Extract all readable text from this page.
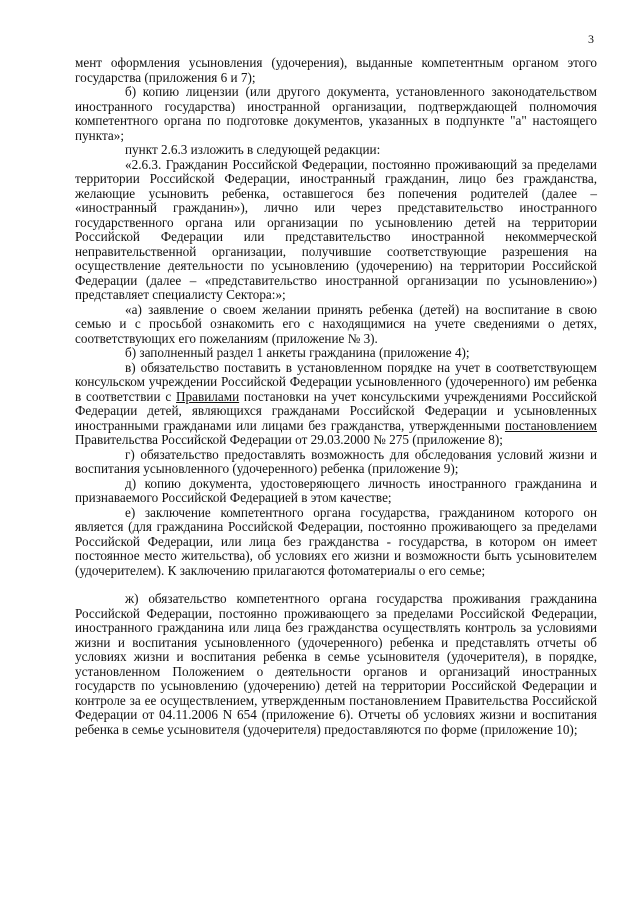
3

мент оформления усыновления (удочерения), выданные компетентным органом этого государства (приложения 6 и 7);

б) копию лицензии (или другого документа, установленного законодательством иностранного государства) иностранной организации, подтверждающей полномочия компетентного органа по подготовке документов, указанных в подпункте "а" настоящего пункта»;

пункт 2.6.3 изложить в следующей редакции:

«2.6.3. Гражданин Российской Федерации, постоянно проживающий за пределами территории Российской Федерации, иностранный гражданин, лицо без гражданства, желающие усыновить ребенка, оставшегося без попечения родителей (далее – «иностранный гражданин»), лично или через представительство иностранного государственного органа или организации по усыновлению детей на территории Российской Федерации или представительство иностранной некоммерческой неправительственной организации, получившие соответствующие разрешения на осуществление деятельности по усыновлению (удочерению) на территории Российской Федерации (далее – «представительство иностранной организации по усыновлению») представляет специалисту Сектора:»;

«а) заявление о своем желании принять ребенка (детей) на воспитание в свою семью и с просьбой ознакомить его с находящимися на учете сведениями о детях, соответствующих его пожеланиям (приложение № 3).

б) заполненный раздел 1 анкеты гражданина (приложение 4);

в) обязательство поставить в установленном порядке на учет в соответствующем консульском учреждении Российской Федерации усыновленного (удочеренного) им ребенка в соответствии с Правилами постановки на учет консульскими учреждениями Российской Федерации детей, являющихся гражданами Российской Федерации и усыновленных иностранными гражданами или лицами без гражданства, утвержденными постановлением Правительства Российской Федерации от 29.03.2000 № 275 (приложение 8);

г) обязательство предоставлять возможность для обследования условий жизни и воспитания усыновленного (удочеренного) ребенка (приложение 9);

д) копию документа, удостоверяющего личность иностранного гражданина и признаваемого Российской Федерацией в этом качестве;

е) заключение компетентного органа государства, гражданином которого он является (для гражданина Российской Федерации, постоянно проживающего за пределами Российской Федерации, или лица без гражданства - государства, в котором он имеет постоянное место жительства), об условиях его жизни и возможности быть усыновителем (удочерителем). К заключению прилагаются фотоматериалы о его семье;

ж) обязательство компетентного органа государства проживания гражданина Российской Федерации, постоянно проживающего за пределами Российской Федерации, иностранного гражданина или лица без гражданства осуществлять контроль за условиями жизни и воспитания усыновленного (удочеренного) ребенка и представлять отчеты об условиях жизни и воспитания ребенка в семье усыновителя (удочерителя), в порядке, установленном Положением о деятельности органов и организаций иностранных государств по усыновлению (удочерению) детей на территории Российской Федерации и контроле за ее осуществлением, утвержденным постановлением Правительства Российской Федерации от 04.11.2006 N 654 (приложение 6). Отчеты об условиях жизни и воспитания ребенка в семье усыновителя (удочерителя) предоставляются по форме (приложение 10);
